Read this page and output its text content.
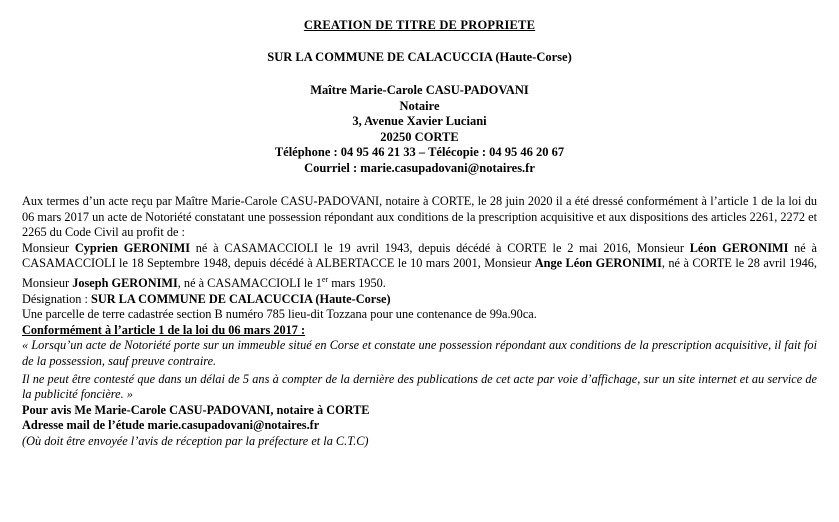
CREATION DE TITRE DE PROPRIETE
SUR LA COMMUNE DE CALACUCCIA (Haute-Corse)
Maître Marie-Carole CASU-PADOVANI
Notaire
3, Avenue Xavier Luciani
20250 CORTE
Téléphone : 04 95 46 21 33 – Télécopie : 04 95 46 20 67
Courriel : marie.casupadovani@notaires.fr

Aux termes d’un acte reçu par Maître Marie-Carole CASU-PADOVANI, notaire à CORTE, le 28 juin 2020 il a été dressé conformément à l’article 1 de la loi du 06 mars 2017 un acte de Notoriété constatant une possession répondant aux conditions de la prescription acquisitive et aux dispositions des articles 2261, 2272 et 2265 du Code Civil au profit de :

Monsieur Cyprien GERONIMI né à CASAMACCIOLI le 19 avril 1943, depuis décédé à CORTE le 2 mai 2016, Monsieur Léon GERONIMI né à CASAMACCIOLI le 18 Septembre 1948, depuis décédé à ALBERTACCE le 10 mars 2001, Monsieur Ange Léon GERONIMI, né à CORTE le 28 avril 1946, Monsieur Joseph GERONIMI, né à CASAMACCIOLI le 1er mars 1950.

Désignation : SUR LA COMMUNE DE CALACUCCIA (Haute-Corse)

Une parcelle de terre cadastrée section B numéro 785 lieu-dit Tozzana pour une contenance de 99a.90ca.

Conformément à l’article 1 de la loi du 06 mars 2017 :

« Lorsqu’un acte de Notoriété porte sur un immeuble situé en Corse et constate une possession répondant aux conditions de la prescription acquisitive, il fait foi de la possession, sauf preuve contraire.

Il ne peut être contesté que dans un délai de 5 ans à compter de la dernière des publications de cet acte par voie d’affichage, sur un site internet et au service de la publicité foncière. »

Pour avis Me Marie-Carole CASU-PADOVANI, notaire à CORTE

Adresse mail de l’étude marie.casupadovani@notaires.fr

(Où doit être envoyée l’avis de réception par la préfecture et la C.T.C)
